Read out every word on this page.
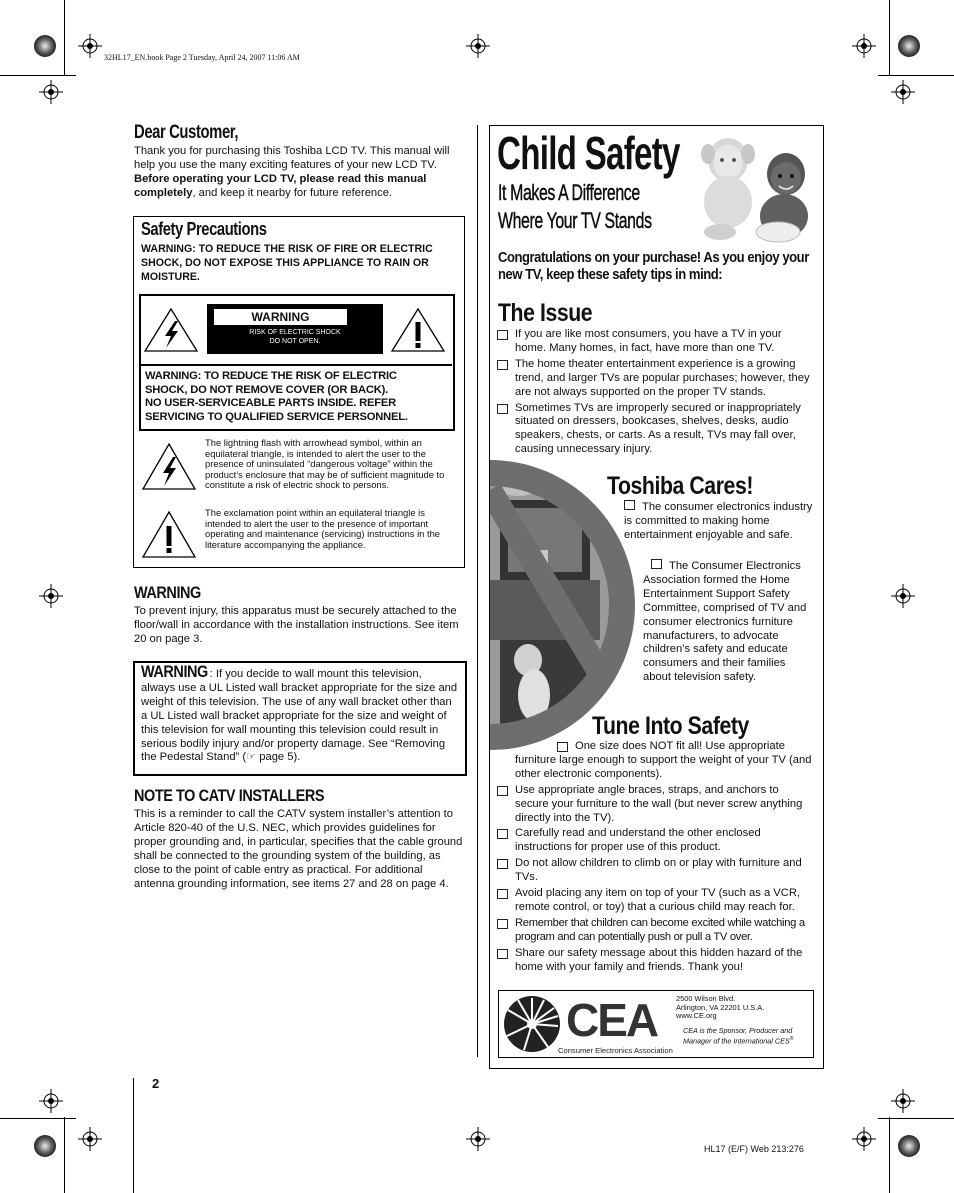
32HL17_EN.book Page 2 Tuesday, April 24, 2007 11:06 AM
Dear Customer,
Thank you for purchasing this Toshiba LCD TV. This manual will help you use the many exciting features of your new LCD TV. Before operating your LCD TV, please read this manual completely, and keep it nearby for future reference.
Safety Precautions
WARNING: TO REDUCE THE RISK OF FIRE OR ELECTRIC SHOCK, DO NOT EXPOSE THIS APPLIANCE TO RAIN OR MOISTURE.
WARNING
RISK OF ELECTRIC SHOCK
DO NOT OPEN.
WARNING: TO REDUCE THE RISK OF ELECTRIC
SHOCK, DO NOT REMOVE COVER (OR BACK).
NO USER-SERVICEABLE PARTS INSIDE. REFER
SERVICING TO QUALIFIED SERVICE PERSONNEL.
The lightning flash with arrowhead symbol, within an equilateral triangle, is intended to alert the user to the presence of uninsulated “dangerous voltage” within the product’s enclosure that may be of sufficient magnitude to constitute a risk of electric shock to persons.
The exclamation point within an equilateral triangle is intended to alert the user to the presence of important operating and maintenance (servicing) instructions in the literature accompanying the appliance.
WARNING
To prevent injury, this apparatus must be securely attached to the floor/wall in accordance with the installation instructions. See item 20 on page 3.
WARNING : If you decide to wall mount this television, always use a UL Listed wall bracket appropriate for the size and weight of this television. The use of any wall bracket other than a UL Listed wall bracket appropriate for the size and weight of this television for wall mounting this television could result in serious bodily injury and/or property damage. See “Removing the Pedestal Stand” (☞ page 5).
NOTE TO CATV INSTALLERS
This is a reminder to call the CATV system installer’s attention to Article 820-40 of the U.S. NEC, which provides guidelines for proper grounding and, in particular, specifies that the cable ground shall be connected to the grounding system of the building, as close to the point of cable entry as practical. For additional antenna grounding information, see items 27 and 28 on page 4.
Child Safety
It Makes A Difference
Where Your TV Stands
Congratulations on your purchase! As you enjoy your new TV, keep these safety tips in mind:
The Issue
If you are like most consumers, you have a TV in your home. Many homes, in fact, have more than one TV.
The home theater entertainment experience is a growing trend, and larger TVs are popular purchases; however, they are not always supported on the proper TV stands.
Sometimes TVs are improperly secured or inappropriately situated on dressers, bookcases, shelves, desks, audio speakers, chests, or carts. As a result, TVs may fall over, causing unnecessary injury.
Toshiba Cares!
The consumer electronics industry is committed to making home entertainment enjoyable and safe.
The Consumer Electronics Association formed the Home Entertainment Support Safety Committee, comprised of TV and consumer electronics furniture manufacturers, to advocate children’s safety and educate consumers and their families about television safety.
Tune Into Safety
One size does NOT fit all! Use appropriate furniture large enough to support the weight of your TV (and other electronic components).
Use appropriate angle braces, straps, and anchors to secure your furniture to the wall (but never screw anything directly into the TV).
Carefully read and understand the other enclosed instructions for proper use of this product.
Do not allow children to climb on or play with furniture and TVs.
Avoid placing any item on top of your TV (such as a VCR, remote control, or toy) that a curious child may reach for.
Remember that children can become excited while watching a program and can potentially push or pull a TV over.
Share our safety message about this hidden hazard of the home with your family and friends. Thank you!
CEA
Consumer Electronics Association
2500 Wilson Blvd.
Arlington, VA 22201 U.S.A.
www.CE.org
CEA is the Sponsor, Producer and
Manager of the International CES®
2
HL17 (E/F) Web 213:276
